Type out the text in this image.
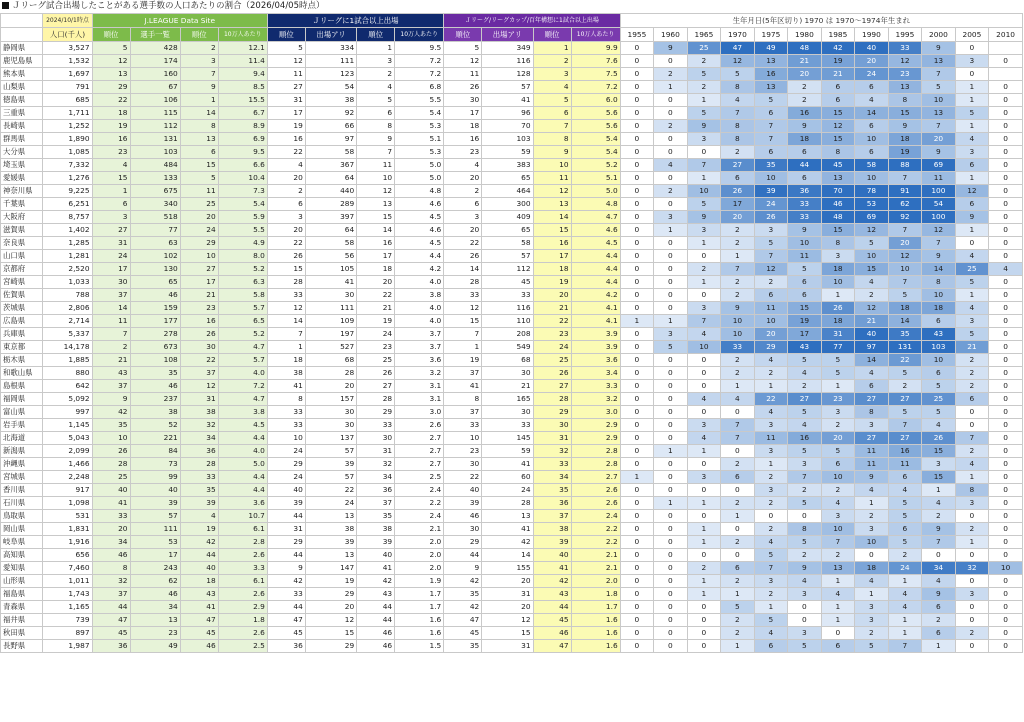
Ｊリーグ試合出場したことがある選手数の人口あたりの割合（2026/04/05時点）
	2024/10/1時点	J.LEAGUE Data Site				Ｊリーグに1試合以上出場				Ｊリーグ/リーグカップ/百年構想に1試合以上出場				生年月日(5年区切り) 1970 は 1970～1974年生まれ											
	人口(千人)	順位	選手一覧	順位	10万人あたり	順位	出場アリ	順位	10万人あたり	順位	出場アリ	順位	10万人あたり	1955	1960	1965	1970	1975	1980	1985	1990	1995	2000	2005	2010
静岡県	3,527	5	428	2	12.1	5	334	1	9.5	5	349	1	9.9	0	9	25	47	49	48	42	40	33	9	0	
鹿児島県	1,532	12	174	3	11.4	12	111	3	7.2	12	116	2	7.6	0	0	2	12	13	21	19	20	12	13	3	0
熊本県	1,697	13	160	7	9.4	11	123	2	7.2	11	128	3	7.5	0	2	5	5	16	20	21	24	23	7	0	
山梨県	791	29	67	9	8.5	27	54	4	6.8	26	57	4	7.2	0	1	2	8	13	2	6	6	13	5	1	0
徳島県	685	22	106	1	15.5	31	38	5	5.5	30	41	5	6.0	0	0	1	4	5	2	6	4	8	10	1	0
三重県	1,711	18	115	14	6.7	17	92	6	5.4	17	96	6	5.6	0	0	5	7	6	16	15	14	15	13	5	0
長崎県	1,252	19	112	8	8.9	19	66	8	5.3	18	70	7	5.6	0	2	9	8	7	9	12	6	9	7	1	0
群馬県	1,890	16	131	13	6.9	16	97	9	5.1	16	103	8	5.4	0	0	3	8	7	18	15	10	18	20	4	0
大分県	1,085	23	103	6	9.5	22	58	7	5.3	23	59	9	5.4	0	0	0	2	6	6	8	6	19	9	3	0
埼玉県	7,332	4	484	15	6.6	4	367	11	5.0	4	383	10	5.2	0	4	7	27	35	44	45	58	88	69	6	0
愛媛県	1,276	15	133	5	10.4	20	64	10	5.0	20	65	11	5.1	0	0	1	6	10	6	13	10	7	11	1	0
神奈川県	9,225	1	675	11	7.3	2	440	12	4.8	2	464	12	5.0	0	2	10	26	39	36	70	78	91	100	12	0
千葉県	6,251	6	340	25	5.4	6	289	13	4.6	6	300	13	4.8	0	0	5	17	24	33	46	53	62	54	6	0
大阪府	8,757	3	518	20	5.9	3	397	15	4.5	3	409	14	4.7	0	3	9	20	26	33	48	69	92	100	9	0
滋賀県	1,402	27	77	24	5.5	20	64	14	4.6	20	65	15	4.6	0	1	3	2	3	9	15	12	7	12	1	0
奈良県	1,285	31	63	29	4.9	22	58	16	4.5	22	58	16	4.5	0	0	1	2	5	10	8	5	20	7	0	0
山口県	1,281	24	102	10	8.0	26	56	17	4.4	26	57	17	4.4	0	0	0	1	7	11	3	10	12	9	4	0
京都府	2,520	17	130	27	5.2	15	105	18	4.2	14	112	18	4.4	0	0	2	7	12	5	18	15	10	14	25	4
宮崎県	1,033	30	65	17	6.3	28	41	20	4.0	28	45	19	4.4	0	0	1	2	2	6	10	4	7	8	5	0
佐賀県	788	37	46	21	5.8	33	30	22	3.8	33	33	20	4.2	0	0	0	2	6	6	1	2	5	10	1	0
茨城県	2,806	14	159	23	5.7	12	111	21	4.0	12	116	21	4.1	0	0	3	9	11	15	26	12	18	18	4	0
広島県	2,714	11	177	16	6.5	14	109	19	4.0	15	110	22	4.1	1	1	7	10	10	19	18	21	14	6	3	0
兵庫県	5,337	7	278	26	5.2	7	197	24	3.7	7	208	23	3.9	0	3	4	10	20	17	31	40	35	43	5	0
東京都	14,178	2	673	30	4.7	1	527	23	3.7	1	549	24	3.9	0	5	10	33	29	43	77	97	131	103	21	0
栃木県	1,885	21	108	22	5.7	18	68	25	3.6	19	68	25	3.6	0	0	0	2	4	5	5	14	22	10	2	0
和歌山県	880	43	35	37	4.0	38	28	26	3.2	37	30	26	3.4	0	0	0	2	2	4	5	4	5	6	2	0
島根県	642	37	46	12	7.2	41	20	27	3.1	41	21	27	3.3	0	0	0	1	1	2	1	6	2	5	2	0
福岡県	5,092	9	237	31	4.7	8	157	28	3.1	8	165	28	3.2	0	0	4	4	22	27	23	27	27	25	6	0
富山県	997	42	38	38	3.8	33	30	29	3.0	37	30	29	3.0	0	0	0	0	4	5	3	8	5	5	0	0
岩手県	1,145	35	52	32	4.5	33	30	33	2.6	33	33	30	2.9	0	0	3	7	3	4	2	3	7	4	0	0
北海道	5,043	10	221	34	4.4	10	137	30	2.7	10	145	31	2.9	0	0	4	7	11	16	20	27	27	26	7	0
新潟県	2,099	26	84	36	4.0	24	57	31	2.7	23	59	32	2.8	0	1	1	0	3	5	5	11	16	15	2	0
沖縄県	1,466	28	73	28	5.0	29	39	32	2.7	30	41	33	2.8	0	0	0	2	1	3	6	11	11	3	4	0
宮城県	2,248	25	99	33	4.4	24	57	34	2.5	22	60	34	2.7	1	0	3	6	2	7	10	9	6	15	1	0
香川県	917	40	40	35	4.4	40	22	36	2.4	40	24	35	2.6	0	0	0	0	3	2	2	4	4	1	8	0
石川県	1,098	41	39	39	3.6	39	24	37	2.2	39	28	36	2.6	0	1	1	2	2	5	4	1	5	4	3	0
鳥取県	531	33	57	4	10.7	44	13	35	2.4	46	13	37	2.4	0	0	0	1	0	0	3	2	5	2	0	0
岡山県	1,831	20	111	19	6.1	31	38	38	2.1	30	41	38	2.2	0	0	1	0	2	8	10	3	6	9	2	0
岐阜県	1,916	34	53	42	2.8	29	39	39	2.0	29	42	39	2.2	0	0	1	2	4	5	7	10	5	7	1	0
高知県	656	46	17	44	2.6	44	13	40	2.0	44	14	40	2.1	0	0	0	0	5	2	2	0	2	0	0	0
愛知県	7,460	8	243	40	3.3	9	147	41	2.0	9	155	41	2.1	0	0	2	6	7	9	13	18	24	34	32	10
山形県	1,011	32	62	18	6.1	42	19	42	1.9	42	20	42	2.0	0	0	1	2	3	4	1	4	1	4	0	0
福島県	1,743	37	46	43	2.6	33	29	43	1.7	35	31	43	1.8	0	0	1	1	2	3	4	1	4	9	3	0
青森県	1,165	44	34	41	2.9	44	20	44	1.7	42	20	44	1.7	0	0	0	5	1	0	1	3	4	6	0	0
福井県	739	47	13	47	1.8	47	12	44	1.6	47	12	45	1.6	0	0	0	2	5	0	1	3	1	2	0	0
秋田県	897	45	23	45	2.6	45	15	46	1.6	45	15	46	1.6	0	0	0	2	4	3	0	2	1	6	2	0
長野県	1,987	36	49	46	2.5	36	29	46	1.5	35	31	47	1.6	0	0	0	1	6	5	6	5	7	1	0	0
